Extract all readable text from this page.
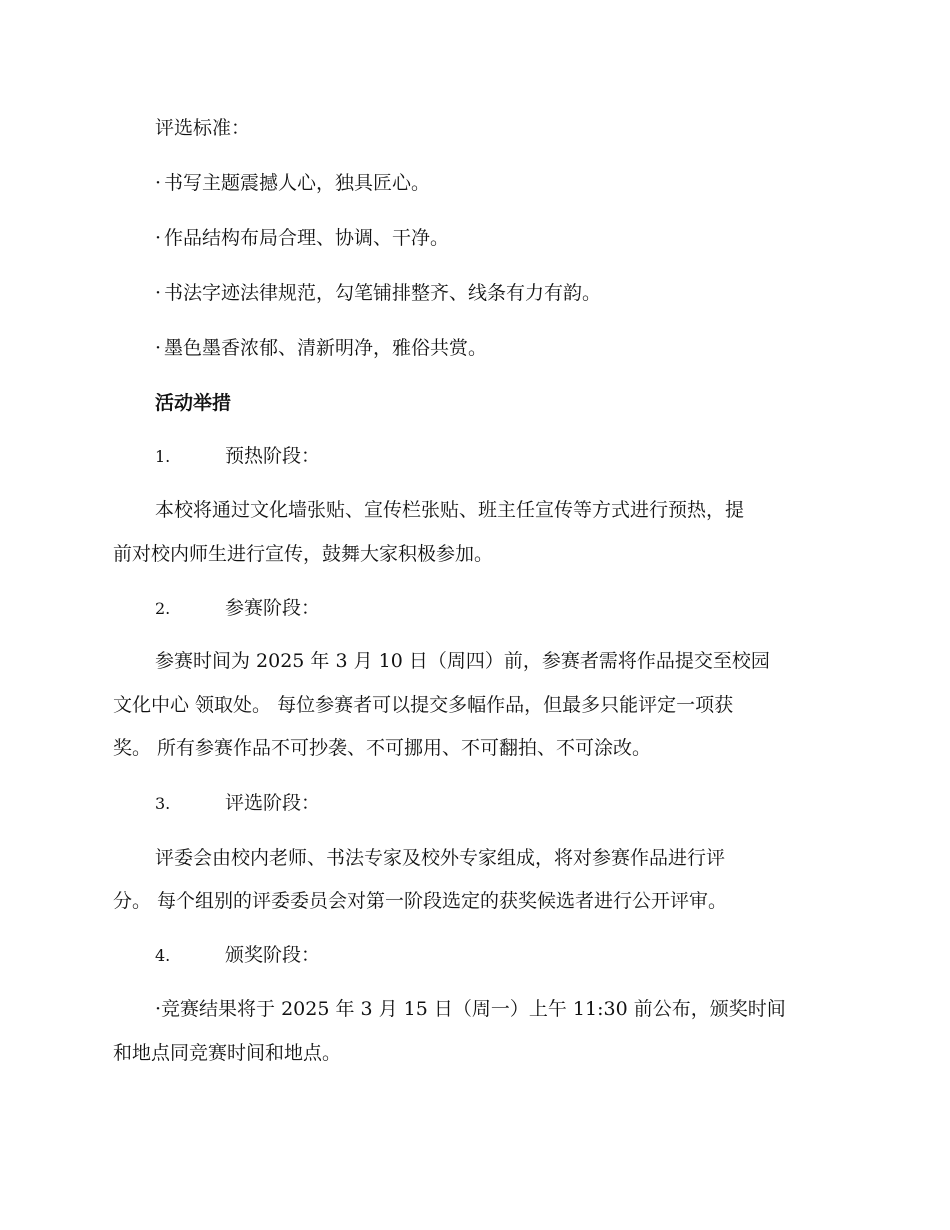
评选标准：
· 书写主题震撼人心，独具匠心。
· 作品结构布局合理、协调、干净。
· 书法字迹法律规范，勾笔铺排整齐、线条有力有韵。
· 墨色墨香浓郁、清新明净，雅俗共赏。
活动举措
1.	预热阶段：
本校将通过文化墙张贴、宣传栏张贴、班主任宣传等方式进行预热，提
前对校内师生进行宣传，鼓舞大家积极参加。
2.	参赛阶段：
参赛时间为 2025 年 3 月 10 日（周四）前，参赛者需将作品提交至校园
文化中心 领取处。 每位参赛者可以提交多幅作品，但最多只能评定一项获
奖。 所有参赛作品不可抄袭、不可挪用、不可翻拍、不可涂改。
3.	评选阶段：
评委会由校内老师、书法专家及校外专家组成，将对参赛作品进行评
分。 每个组别的评委委员会对第一阶段选定的获奖候选者进行公开评审。
4.	颁奖阶段：
·竞赛结果将于 2025 年 3 月 15 日（周一）上午 11:30 前公布，颁奖时间
和地点同竞赛时间和地点。
